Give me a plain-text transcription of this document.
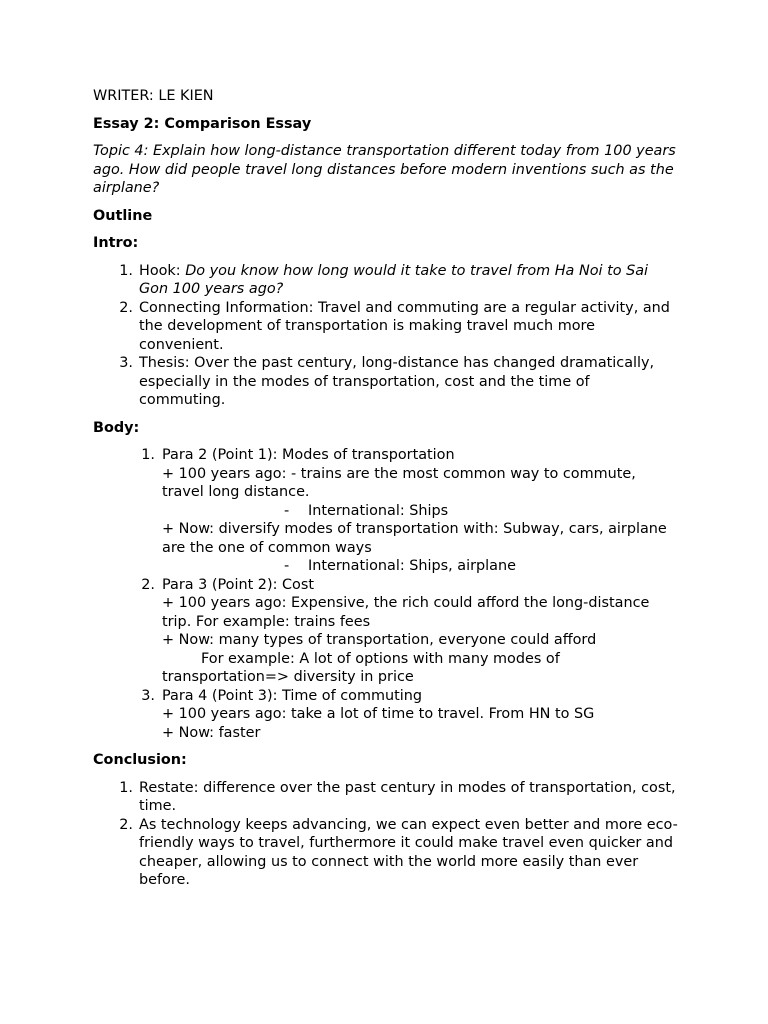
WRITER: LE KIEN

Essay 2: Comparison Essay

Topic 4: Explain how long-distance transportation different today from 100 years ago. How did people travel long distances before modern inventions such as the airplane?

Outline

Intro:

1. Hook: Do you know how long would it take to travel from Ha Noi to Sai Gon 100 years ago?
2. Connecting Information: Travel and commuting are a regular activity, and the development of transportation is making travel much more convenient.
3. Thesis: Over the past century, long-distance has changed dramatically, especially in the modes of transportation, cost and the time of commuting.

Body:

1. Para 2 (Point 1): Modes of transportation
+ 100 years ago: - trains are the most common way to commute, travel long distance.
- International: Ships
+ Now: diversify modes of transportation with: Subway, cars, airplane are the one of common ways
- International: Ships, airplane
2. Para 3 (Point 2): Cost
+ 100 years ago: Expensive, the rich could afford the long-distance trip. For example: trains fees
+ Now: many types of transportation, everyone could afford
For example: A lot of options with many modes of
transportation=> diversity in price
3. Para 4 (Point 3): Time of commuting
+ 100 years ago: take a lot of time to travel. From HN to SG
+ Now: faster

Conclusion:

1. Restate: difference over the past century in modes of transportation, cost, time.
2. As technology keeps advancing, we can expect even better and more eco-friendly ways to travel, furthermore it could make travel even quicker and cheaper, allowing us to connect with the world more easily than ever before.
